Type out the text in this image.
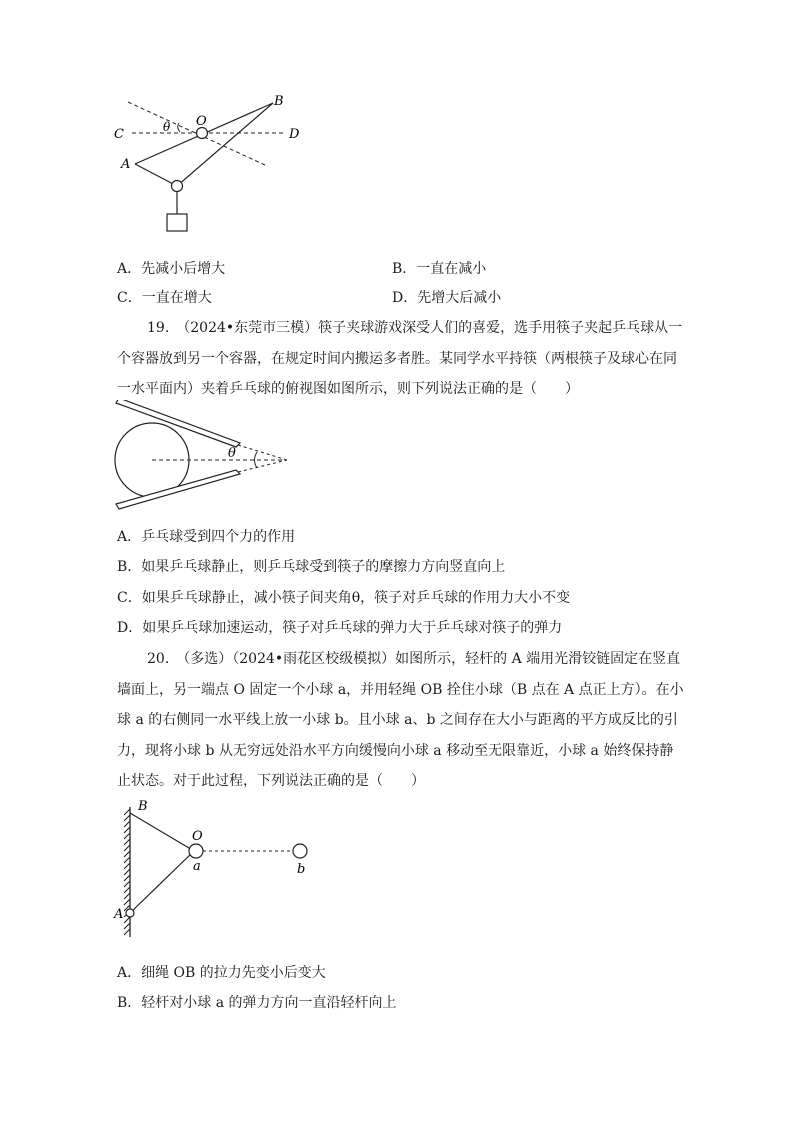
B
O
θ
C	D
A
A．先减小后增大	B．一直在减小
C．一直在增大	D．先增大后减小
19.　（2024•东莞市三模）筷子夹球游戏深受人们的喜爱，选手用筷子夹起乒乓球从一个容器放到另一个容器，在规定时间内搬运多者胜。某同学水平持筷（两根筷子及球心在同一水平面内）夹着乒乓球的俯视图如图所示，则下列说法正确的是（　　）
θ
A．乒乓球受到四个力的作用
B．如果乒乓球静止，则乒乓球受到筷子的摩擦力方向竖直向上
C．如果乒乓球静止，减小筷子间夹角θ，筷子对乒乓球的作用力大小不变
D．如果乒乓球加速运动，筷子对乒乓球的弹力大于乒乓球对筷子的弹力
20.　（多选）（2024•雨花区校级模拟）如图所示，轻杆的 A 端用光滑铰链固定在竖直墙面上，另一端点 O 固定一个小球 a，并用轻绳 OB 拴住小球（B 点在 A 点正上方）。在小球 a 的右侧同一水平线上放一小球 b。且小球 a、b 之间存在大小与距离的平方成反比的引力，现将小球 b 从无穷远处沿水平方向缓慢向小球 a 移动至无限靠近，小球 a 始终保持静止状态。对于此过程，下列说法正确的是（　　）
B
O
a	b
A
A．细绳 OB 的拉力先变小后变大
B．轻杆对小球 a 的弹力方向一直沿轻杆向上
